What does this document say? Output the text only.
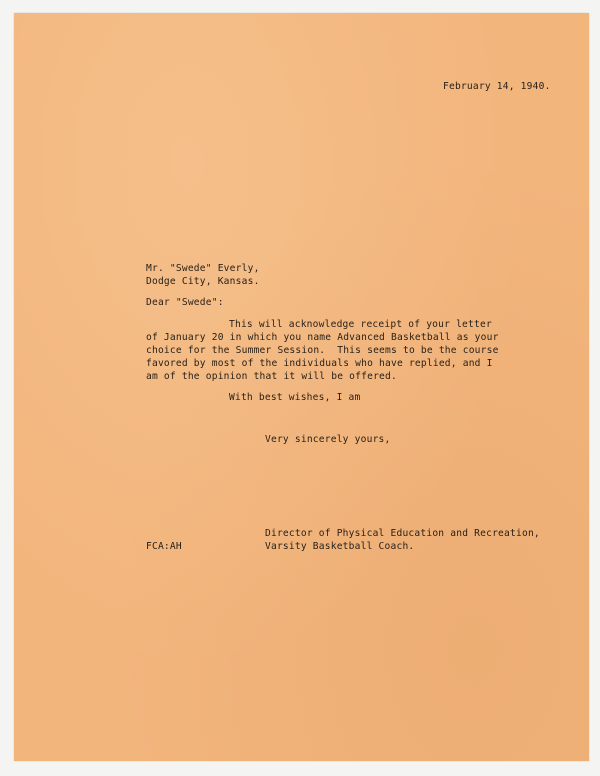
February 14, 1940.
Mr. "Swede" Everly,
Dodge City, Kansas.
Dear "Swede":
This will acknowledge receipt of your letter
of January 20 in which you name Advanced Basketball as your
choice for the Summer Session.  This seems to be the course
favored by most of the individuals who have replied, and I
am of the opinion that it will be offered.
With best wishes, I am
Very sincerely yours,
Director of Physical Education and Recreation,
Varsity Basketball Coach.
FCA:AH
